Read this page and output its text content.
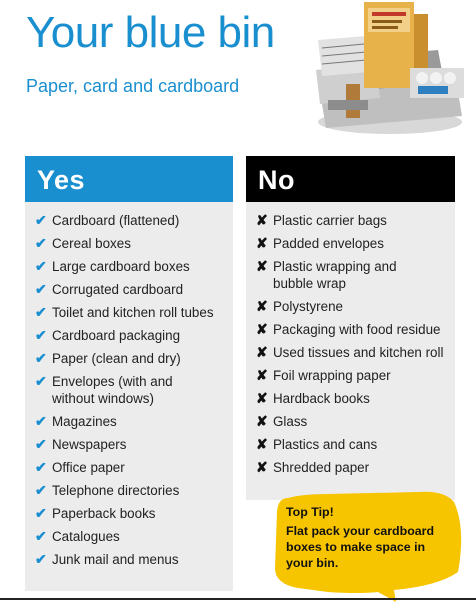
Your blue bin
Paper, card and cardboard
Yes
✔ Cardboard (flattened)
✔ Cereal boxes
✔ Large cardboard boxes
✔ Corrugated cardboard
✔ Toilet and kitchen roll tubes
✔ Cardboard packaging
✔ Paper (clean and dry)
✔ Envelopes (with and
without windows)
✔ Magazines
✔ Newspapers
✔ Office paper
✔ Telephone directories
✔ Paperback books
✔ Catalogues
✔ Junk mail and menus
No
✘ Plastic carrier bags
✘ Padded envelopes
✘ Plastic wrapping and
bubble wrap
✘ Polystyrene
✘ Packaging with food residue
✘ Used tissues and kitchen roll
✘ Foil wrapping paper
✘ Hardback books
✘ Glass
✘ Plastics and cans
✘ Shredded paper
Top Tip!
Flat pack your cardboard boxes to make space in your bin.
